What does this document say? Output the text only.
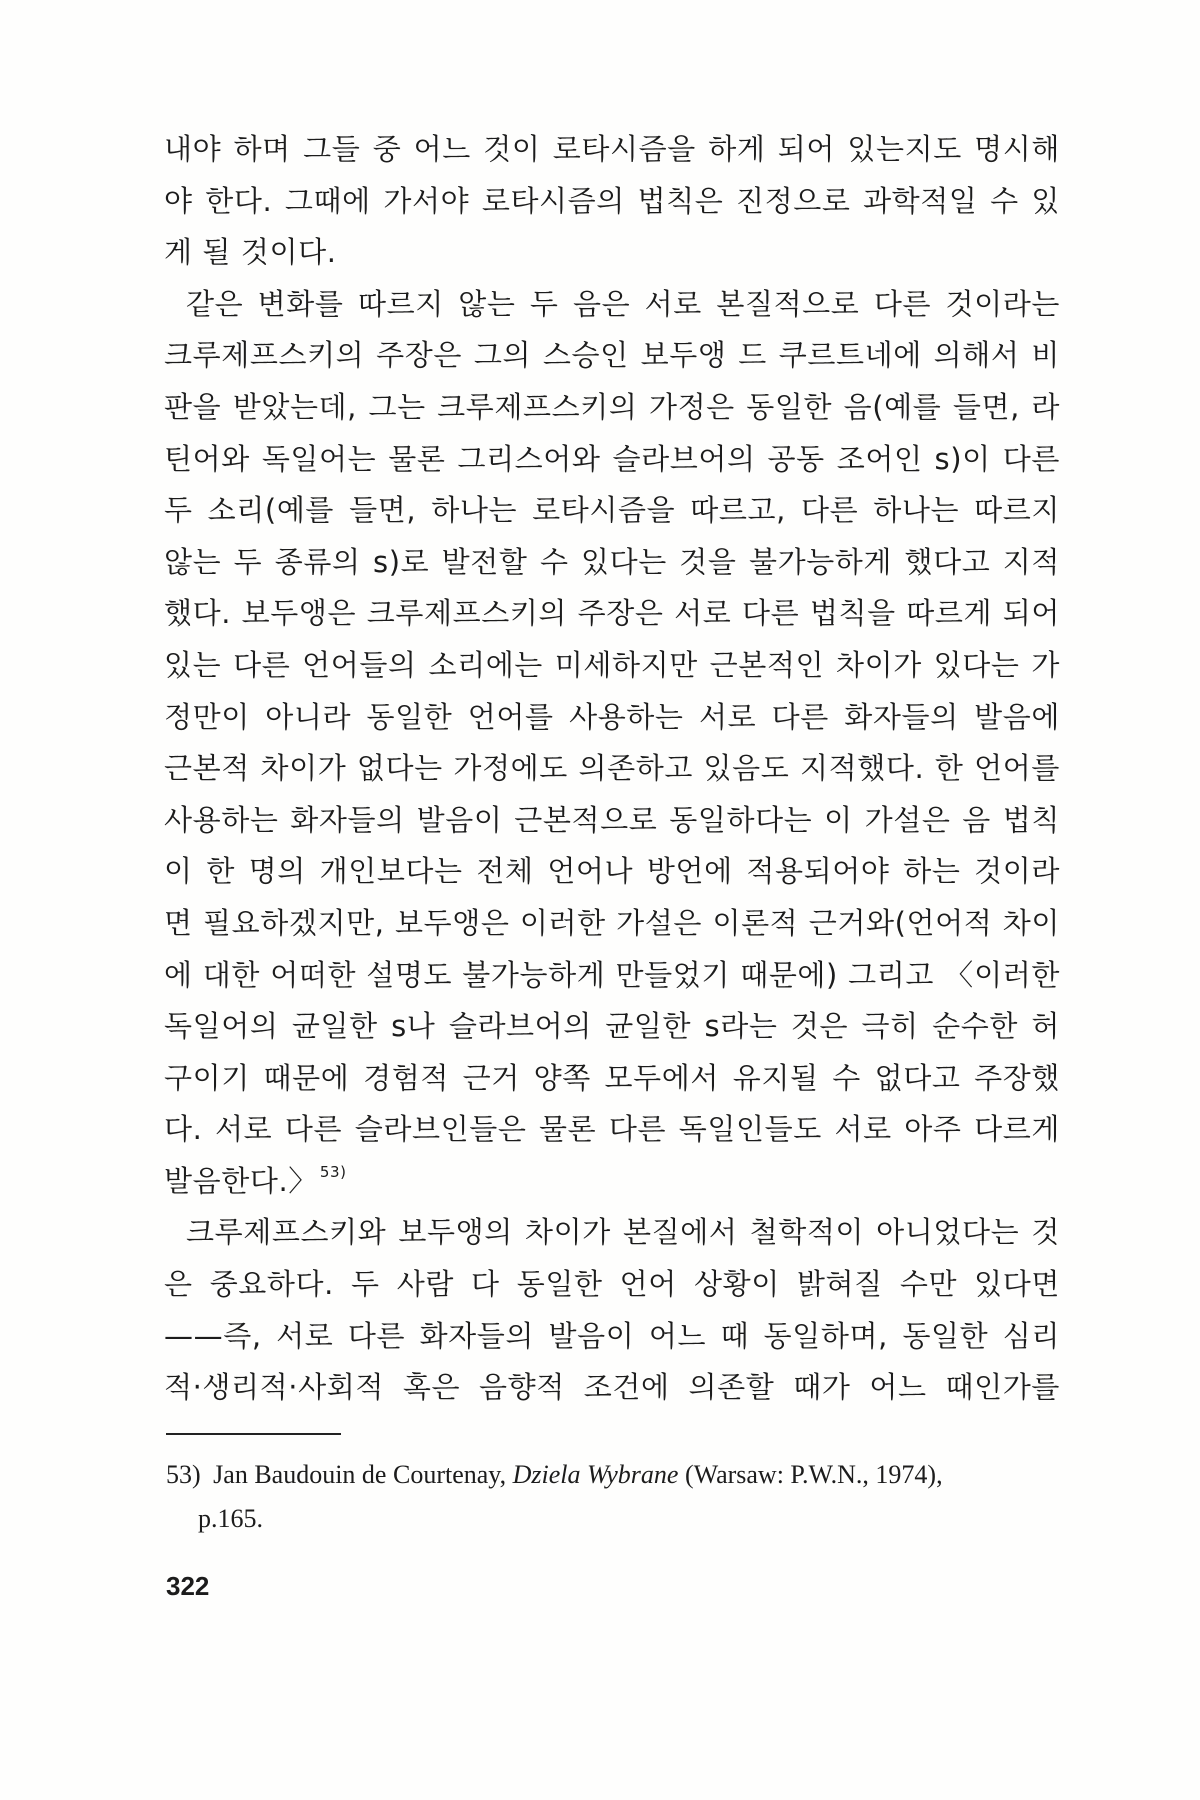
내야 하며 그들 중 어느 것이 로타시즘을 하게 되어 있는지도 명시해
야 한다. 그때에 가서야 로타시즘의 법칙은 진정으로 과학적일 수 있
게 될 것이다.
같은 변화를 따르지 않는 두 음은 서로 본질적으로 다른 것이라는
크루제프스키의 주장은 그의 스승인 보두앵 드 쿠르트네에 의해서 비
판을 받았는데, 그는 크루제프스키의 가정은 동일한 음(예를 들면, 라
틴어와 독일어는 물론 그리스어와 슬라브어의 공동 조어인 s)이 다른
두 소리(예를 들면, 하나는 로타시즘을 따르고, 다른 하나는 따르지
않는 두 종류의 s)로 발전할 수 있다는 것을 불가능하게 했다고 지적
했다. 보두앵은 크루제프스키의 주장은 서로 다른 법칙을 따르게 되어
있는 다른 언어들의 소리에는 미세하지만 근본적인 차이가 있다는 가
정만이 아니라 동일한 언어를 사용하는 서로 다른 화자들의 발음에
근본적 차이가 없다는 가정에도 의존하고 있음도 지적했다. 한 언어를
사용하는 화자들의 발음이 근본적으로 동일하다는 이 가설은 음 법칙
이 한 명의 개인보다는 전체 언어나 방언에 적용되어야 하는 것이라
면 필요하겠지만, 보두앵은 이러한 가설은 이론적 근거와(언어적 차이
에 대한 어떠한 설명도 불가능하게 만들었기 때문에) 그리고 〈이러한
독일어의 균일한 s나 슬라브어의 균일한 s라는 것은 극히 순수한 허
구이기 때문에 경험적 근거 양쪽 모두에서 유지될 수 없다고 주장했
다. 서로 다른 슬라브인들은 물론 다른 독일인들도 서로 아주 다르게
발음한다.〉 $^{53)}$
크루제프스키와 보두앵의 차이가 본질에서 철학적이 아니었다는 것
은 중요하다. 두 사람 다 동일한 언어 상황이 밝혀질 수만 있다면
——즉, 서로 다른 화자들의 발음이 어느 때 동일하며, 동일한 심리
적·생리적·사회적 혹은 음향적 조건에 의존할 때가 어느 때인가를
53) Jan Baudouin de Courtenay, Dziela Wybrane (Warsaw: P.W.N., 1974),
p.165.
322
